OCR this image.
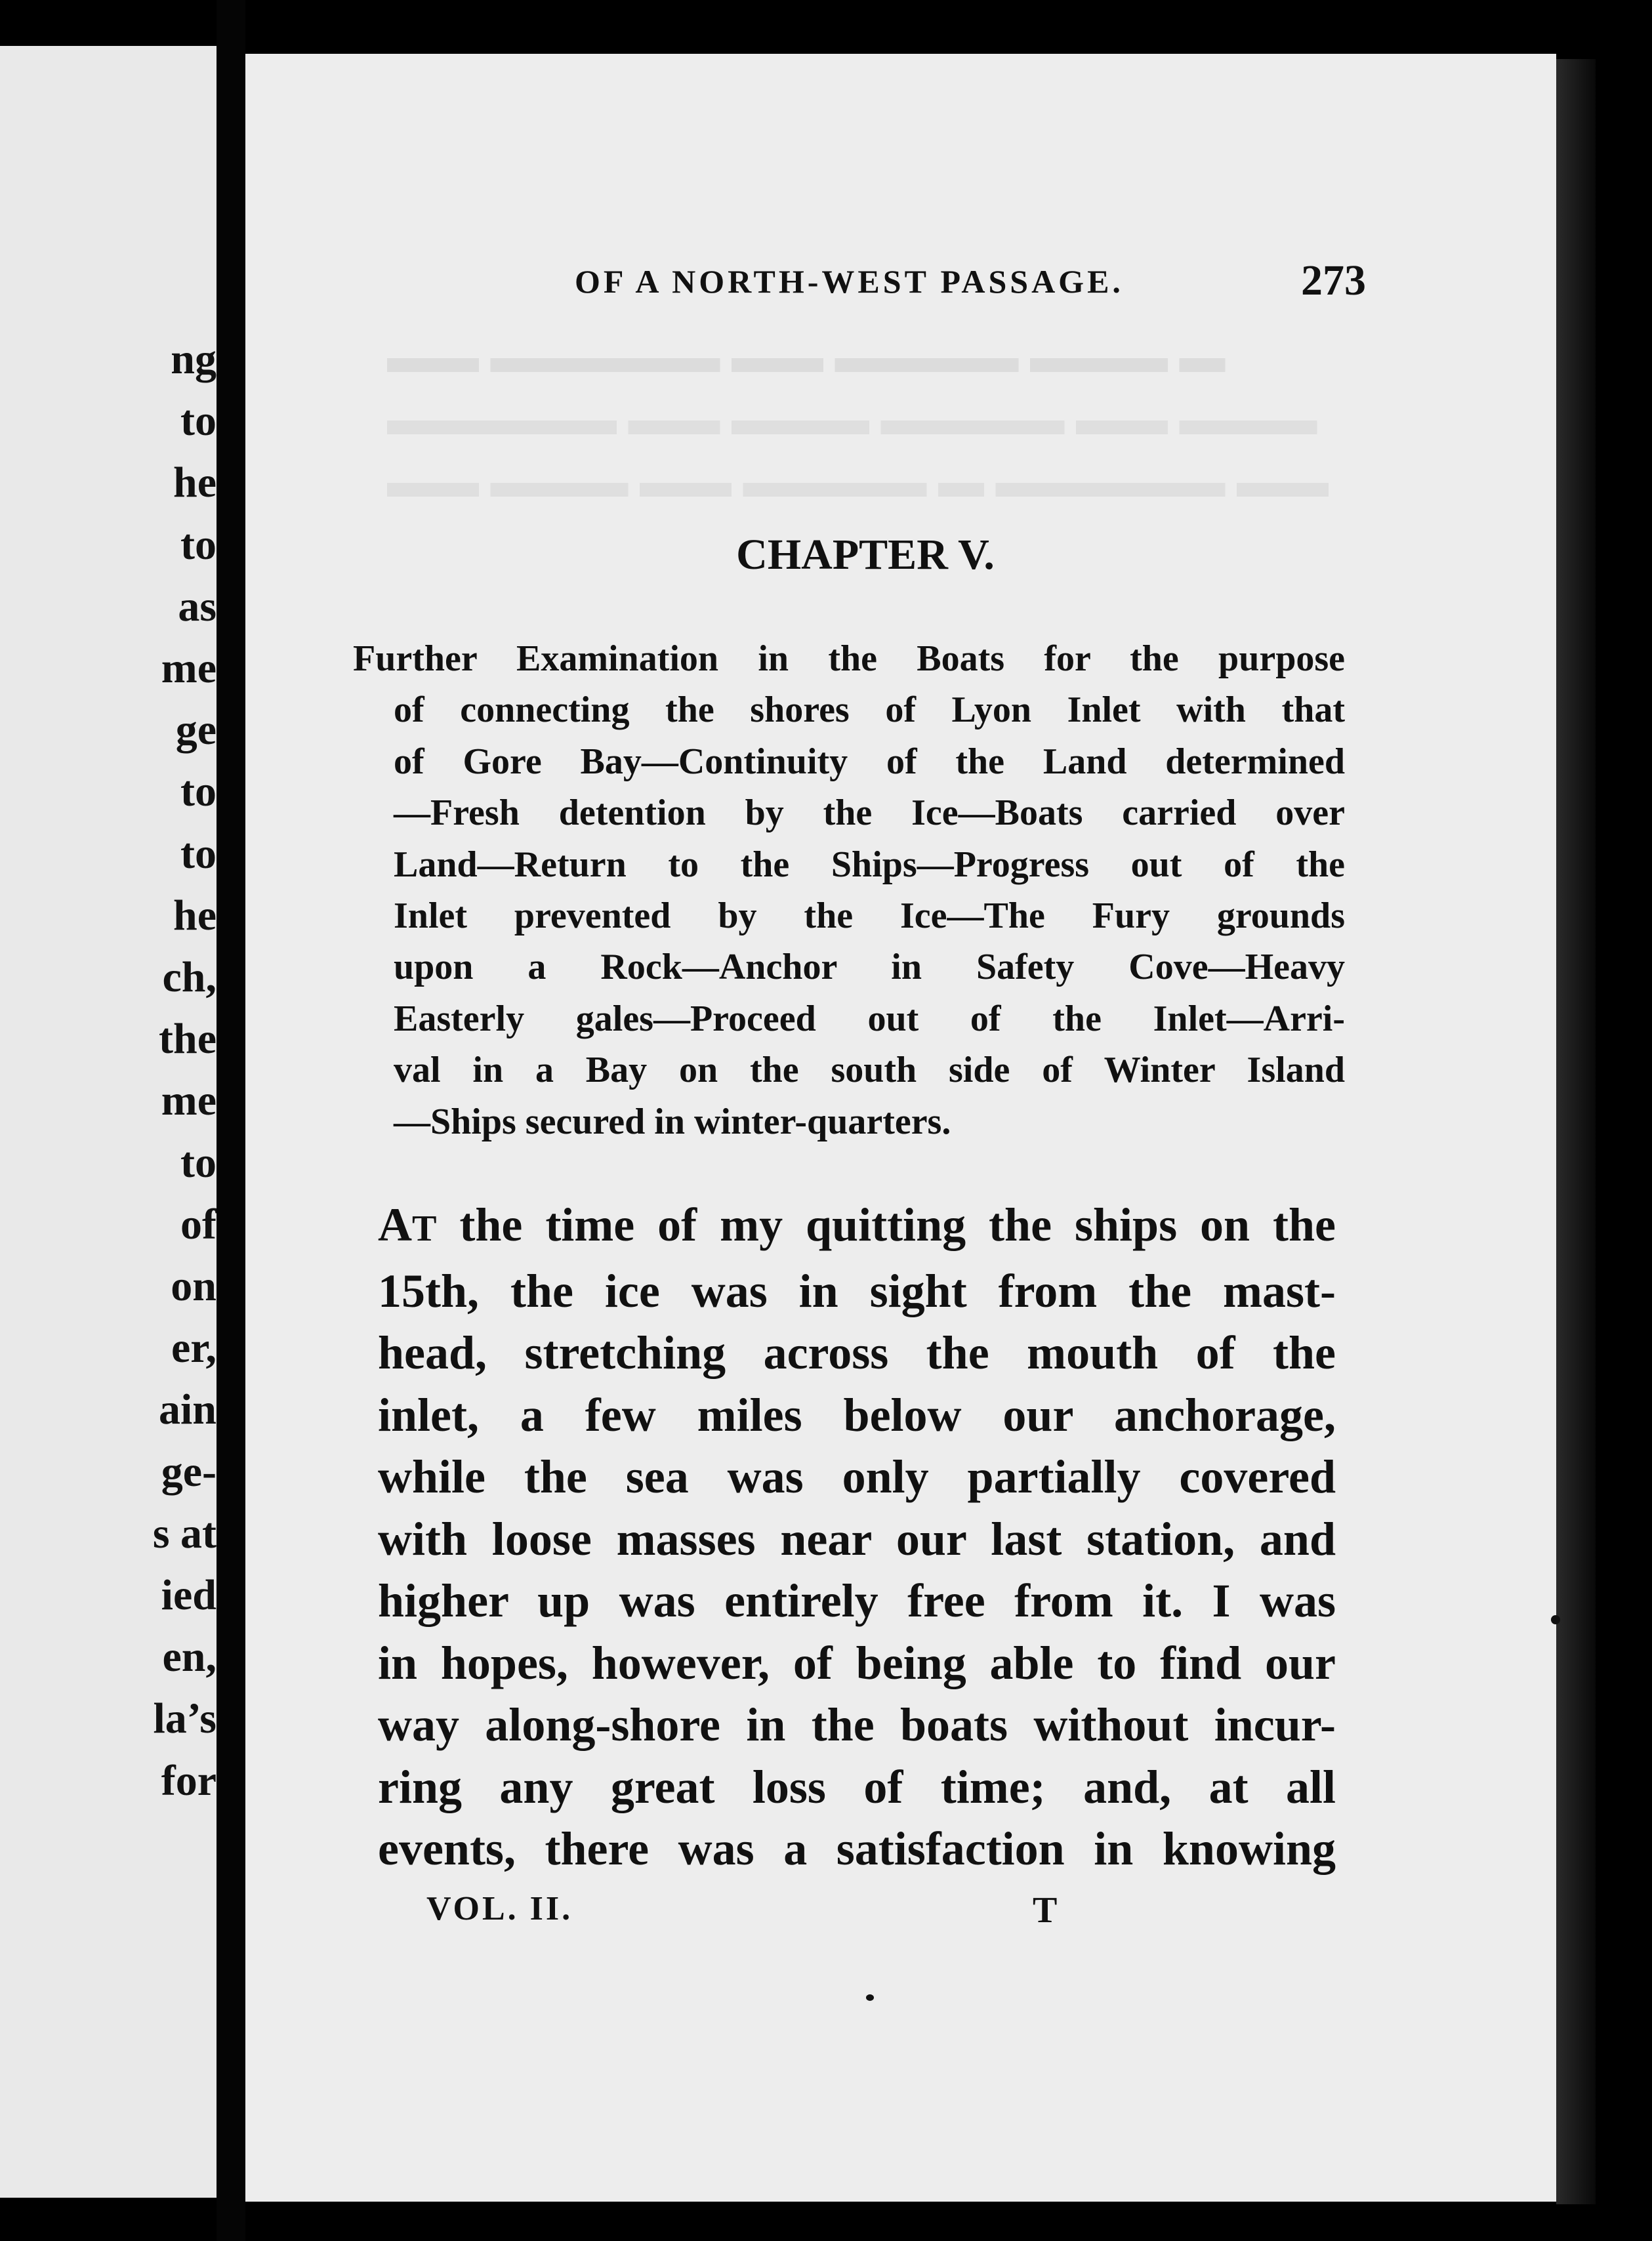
ng
to
he
to
as
me
ge
to
to
he
ch,
the
me
to
of
on
er,
ain
ge-
s at
ied
en,
la’s
for
▬ ▬▬▬ ▬▬▬▬ ▬▬ ▬▬▬▬▬ ▬▬
▬▬▬ ▬▬ ▬▬▬▬ ▬▬▬ ▬▬ ▬▬▬▬▬
▬▬ ▬▬▬▬▬ ▬ ▬▬▬▬ ▬▬ ▬▬▬ ▬▬
OF A NORTH-WEST PASSAGE.	273
CHAPTER V.
Further Examination in the Boats for the purpose
of connecting the shores of Lyon Inlet with that
of Gore Bay—Continuity of the Land determined
—Fresh detention by the Ice—Boats carried over
Land—Return to the Ships—Progress out of the
Inlet prevented by the Ice—The Fury grounds
upon a Rock—Anchor in Safety Cove—Heavy
Easterly gales—Proceed out of the Inlet—Arri-
val in a Bay on the south side of Winter Island
—Ships secured in winter-quarters.
AT the time of my quitting the ships on the
15th, the ice was in sight from the mast-
head, stretching across the mouth of the
inlet, a few miles below our anchorage,
while the sea was only partially covered
with loose masses near our last station, and
higher up was entirely free from it. I was
in hopes, however, of being able to find our
way along-shore in the boats without incur-
ring any great loss of time; and, at all
events, there was a satisfaction in knowing
VOL. II.	T
